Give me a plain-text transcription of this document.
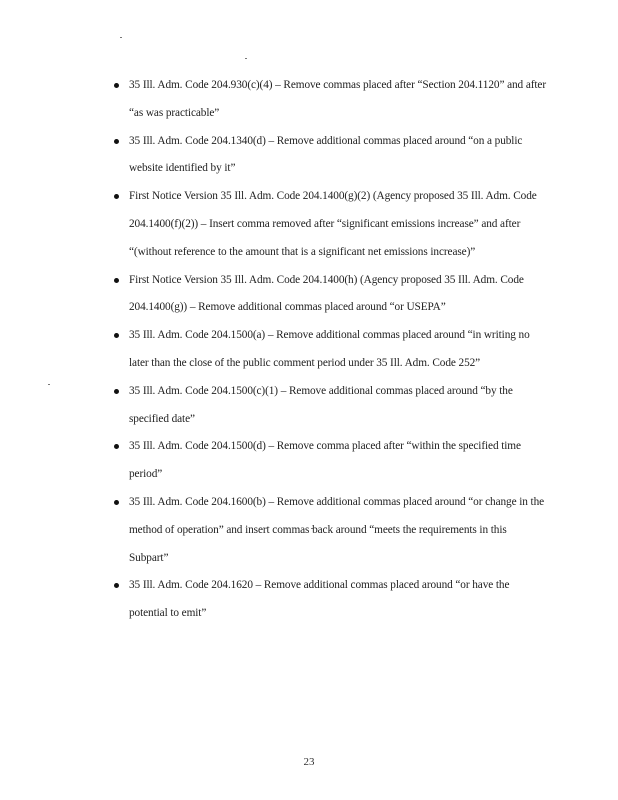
35 Ill. Adm. Code 204.930(c)(4) – Remove commas placed after “Section 204.1120” and after “as was practicable”
35 Ill. Adm. Code 204.1340(d) – Remove additional commas placed around “on a public website identified by it”
First Notice Version 35 Ill. Adm. Code 204.1400(g)(2) (Agency proposed 35 Ill. Adm. Code 204.1400(f)(2)) – Insert comma removed after “significant emissions increase” and after “(without reference to the amount that is a significant net emissions increase)”
First Notice Version 35 Ill. Adm. Code 204.1400(h) (Agency proposed 35 Ill. Adm. Code 204.1400(g)) – Remove additional commas placed around “or USEPA”
35 Ill. Adm. Code 204.1500(a) – Remove additional commas placed around “in writing no later than the close of the public comment period under 35 Ill. Adm. Code 252”
35 Ill. Adm. Code 204.1500(c)(1) – Remove additional commas placed around “by the specified date”
35 Ill. Adm. Code 204.1500(d) – Remove comma placed after “within the specified time period”
35 Ill. Adm. Code 204.1600(b) – Remove additional commas placed around “or change in the method of operation” and insert commas back around “meets the requirements in this Subpart”
35 Ill. Adm. Code 204.1620 – Remove additional commas placed around “or have the potential to emit”
23
